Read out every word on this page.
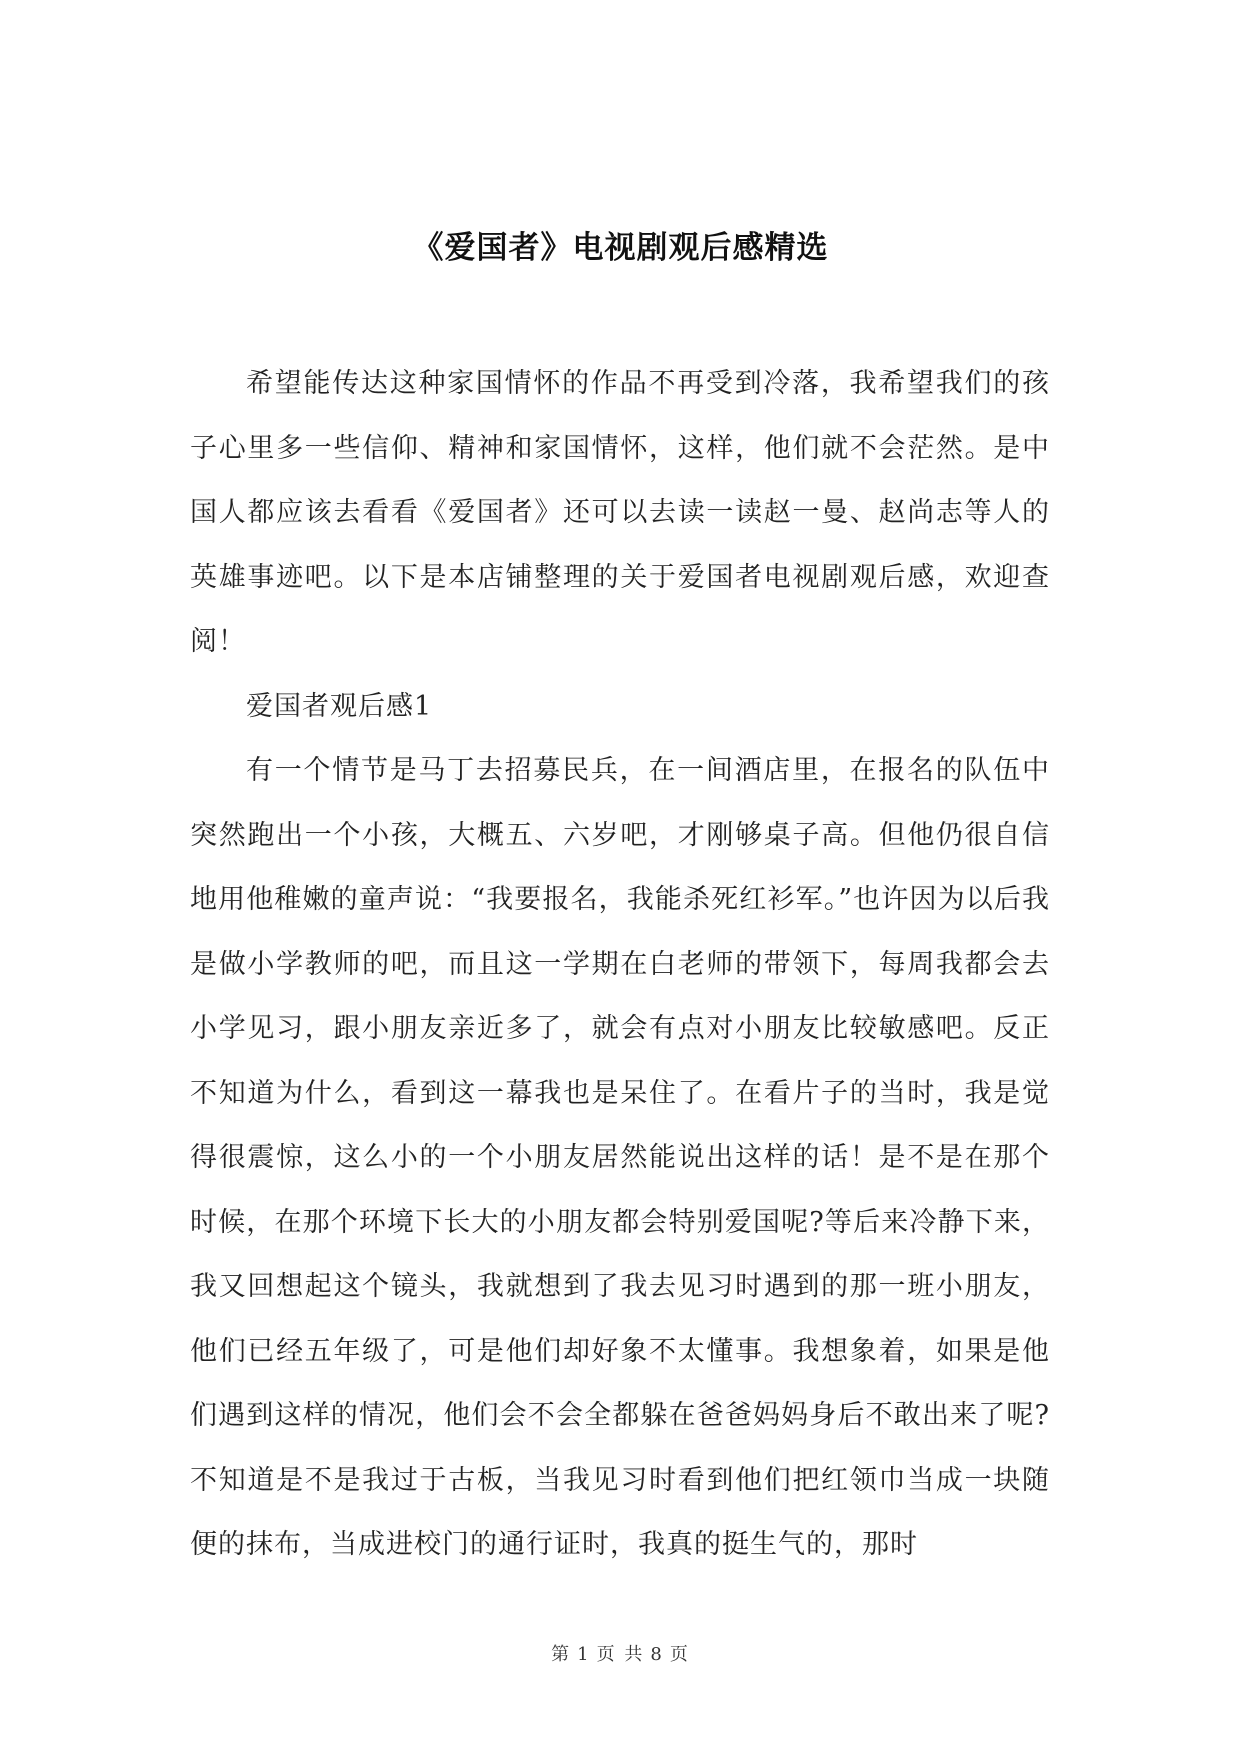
《爱国者》电视剧观后感精选

希望能传达这种家国情怀的作品不再受到冷落，我希望我们的孩子心里多一些信仰、精神和家国情怀，这样，他们就不会茫然。是中国人都应该去看看《爱国者》还可以去读一读赵一曼、赵尚志等人的英雄事迹吧。以下是本店铺整理的关于爱国者电视剧观后感，欢迎查阅！

爱国者观后感1

有一个情节是马丁去招募民兵，在一间酒店里，在报名的队伍中突然跑出一个小孩，大概五、六岁吧，才刚够桌子高。但他仍很自信地用他稚嫩的童声说：“我要报名，我能杀死红衫军。”也许因为以后我是做小学教师的吧，而且这一学期在白老师的带领下，每周我都会去小学见习，跟小朋友亲近多了，就会有点对小朋友比较敏感吧。反正不知道为什么，看到这一幕我也是呆住了。在看片子的当时，我是觉得很震惊，这么小的一个小朋友居然能说出这样的话！是不是在那个时候，在那个环境下长大的小朋友都会特别爱国呢?等后来冷静下来，我又回想起这个镜头，我就想到了我去见习时遇到的那一班小朋友，他们已经五年级了，可是他们却好象不太懂事。我想象着，如果是他们遇到这样的情况，他们会不会全都躲在爸爸妈妈身后不敢出来了呢?不知道是不是我过于古板，当我见习时看到他们把红领巾当成一块随便的抹布，当成进校门的通行证时，我真的挺生气的，那时

第 1 页 共 8 页
